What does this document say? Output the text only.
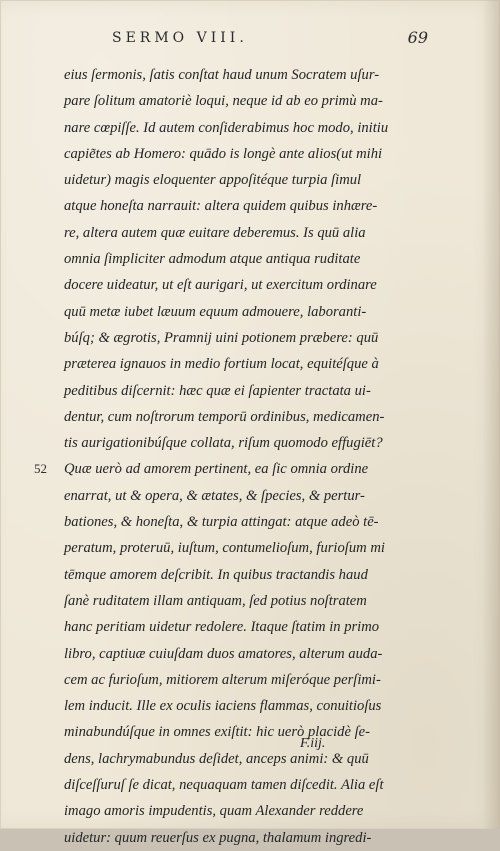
SERMO VIII.	69
eius ſermonis, ſatis conſtat haud unum Socratem uſur-
pare ſolitum amatoriè loqui, neque id ab eo primù ma-
nare cœpiſſe. Id autem conſiderabimus hoc modo, initiu
capie͂tes ab Homero: quādo is longè ante alios(ut mihi
uidetur) magis eloquenter appoſitéque turpia ſimul
atque honeſta narrauit: altera quidem quibus inhære-
re, altera autem quæ euitare deberemus. Is quū alia
omnia ſimpliciter admodum atque antiqua ruditate
docere uideatur, ut eſt aurigari, ut exercitum ordinare
quū metæ iubet læuum equum admouere, laboranti-
búſq; & ægrotis, Pramnij uini potionem præbere: quū
præterea ignauos in medio fortium locat, equitéſque à
peditibus diſcernit: hæc quæ ei ſapienter tractata ui-
dentur, cum noſtrorum temporū ordinibus, medicamen-
tis aurigationibúſque collata, riſum quomodo effugiēt?
52 Quæ uerò ad amorem pertinent, ea ſic omnia ordine
enarrat, ut & opera, & ætates, & ſpecies, & pertur-
bationes, & honeſta, & turpia attingat: atque adeò tē-
peratum, proteruū, iuſtum, contumelioſum, furioſum mi
tēmque amorem deſcribit. In quibus tractandis haud
ſanè ruditatem illam antiquam, ſed potius noſtratem
hanc peritiam uidetur redolere. Itaque ſtatim in primo
libro, captiuæ cuiuſdam duos amatores, alterum auda-
cem ac furioſum, mitiorem alterum miſeróque perſimi-
lem inducit. Ille ex oculis iaciens flammas, conuitioſus
minabundúſque in omnes exiſtit: hic uerò placidè ſe-
dens, lachrymabundus deſidet, anceps animi: & quū
diſceſſuruſ ſe dicat, nequaquam tamen diſcedit. Alia eſt
imago amoris impudentis, quam Alexander reddere
uidetur: quum reuerſus ex pugna, thalamum ingredi-
F.iij.
